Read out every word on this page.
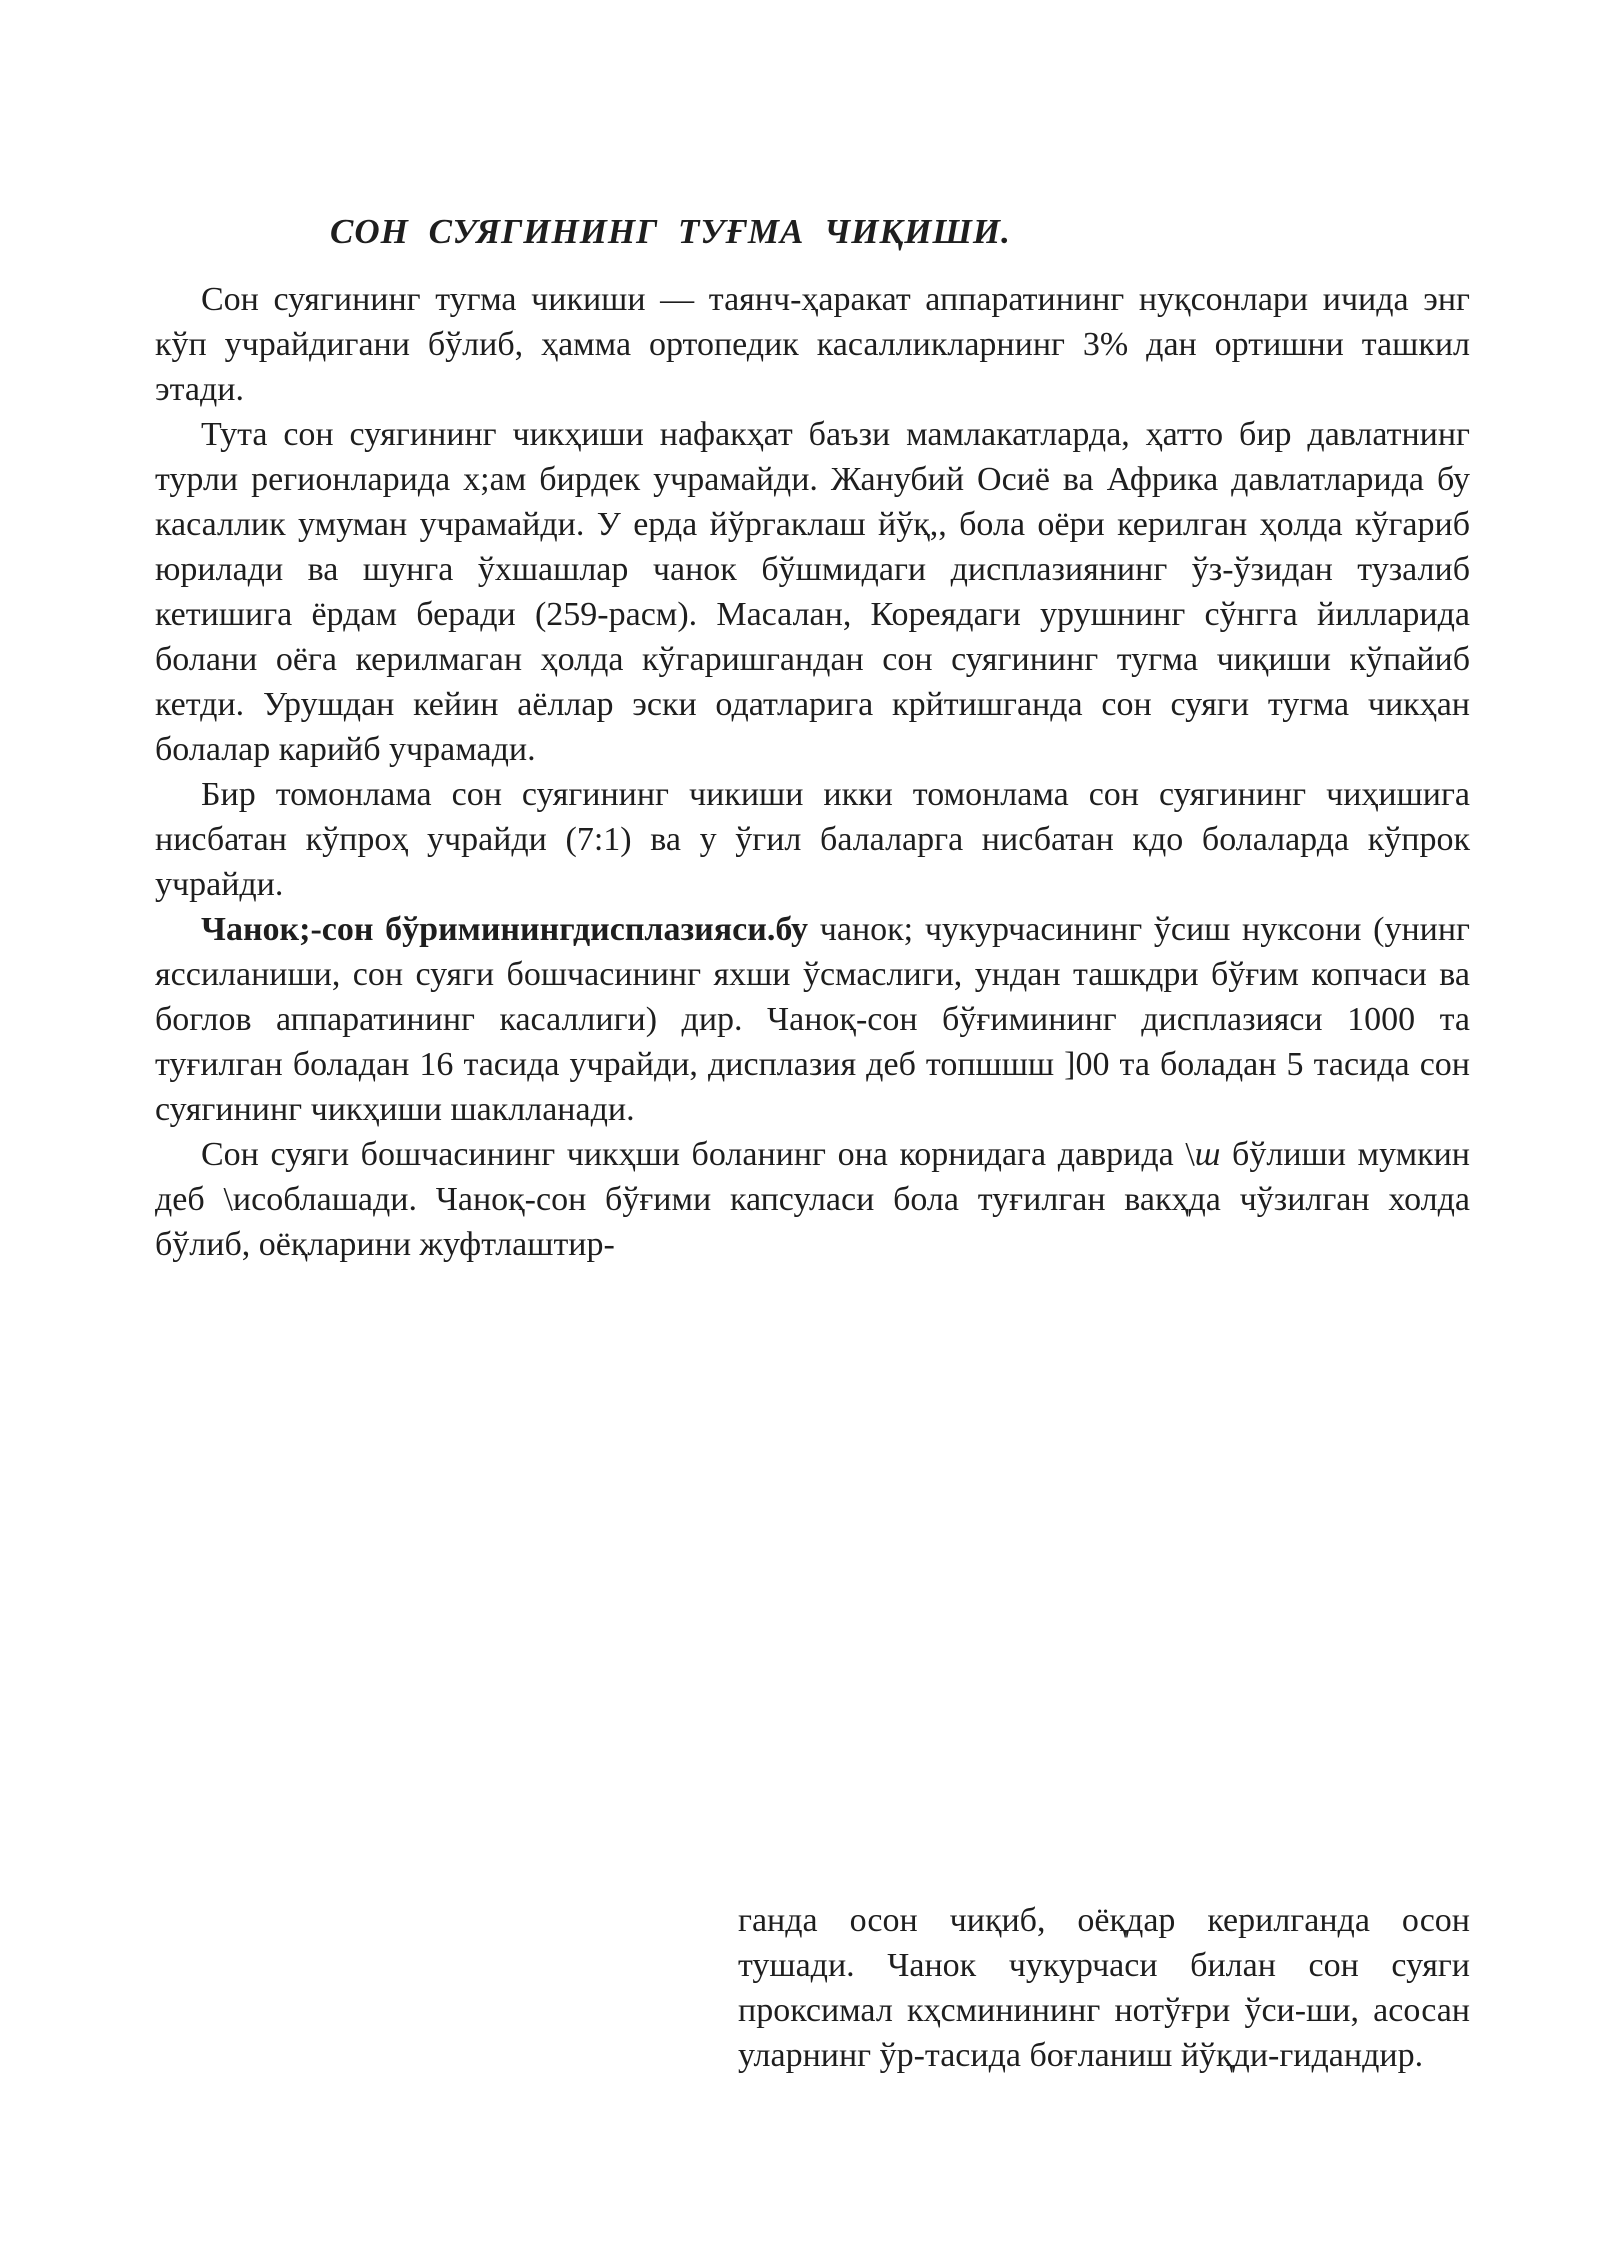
СОН СУЯГИНИНГ ТУҒМА ЧИҚИШИ.

Сон суягининг тугма чикиши — таянч-ҳаракат аппаратининг нуқсонлари ичида энг кўп учрайдигани бўлиб, ҳамма ортопедик касалликларнинг 3% дан ортишни ташкил этади.

Тута сон суягининг чикҳиши нафакҳат баъзи мамлакатларда, ҳатто бир давлатнинг турли регионларида х;ам бирдек учрамайди. Жанубий Осиё ва Африка давлатларида бу касаллик умуман учрамайди. У ерда йўргаклаш йўқ,, бола оёри керилган ҳолда кўгариб юрилади ва шунга ўхшашлар чанок бўшмидаги дисплазиянинг ўз-ўзидан тузалиб кетишига ёрдам беради (259-расм). Масалан, Кореядаги урушнинг сўнгга йилларида болани оёга керилмаган ҳолда кўгаришгандан сон суягининг тугма чиқиши кўпайиб кетди. Урушдан кейин аёллар эски одатларига крйтишганда сон суяги тугма чикҳан болалар карийб учрамади.

Бир томонлама сон суягининг чикиши икки томонлама сон суягининг чиҳишига нисбатан кўпроҳ учрайди (7:1) ва у ўгил балаларга нисбатан кдо болаларда кўпрок учрайди.

Чанок;-сон бўриминингдисплазияси.бу чанок; чукурчасининг ўсиш нуксони (унинг яссиланиши, сон суяги бошчасининг яхши ўсмаслиги, ундан ташкдри бўғим копчаси ва боглов аппаратининг касаллиги) дир. Чаноқ-сон бўғимининг дисплазияси 1000 та туғилган боладан 16 тасида учрайди, дисплазия деб топшшш ]00 та боладан 5 тасида сон суягининг чикҳиши шаклланади.

Сон суяги бошчасининг чикҳши боланинг она корнидага даврида \ш бўлиши мумкин деб \исоблашади. Чаноқ-сон бўғими капсуласи бола туғилган вакҳда чўзилган холда бўлиб, оёқларини жуфтлаштир-

ганда осон чиқиб, оёқдар керилганда осон тушади. Чанок чукурчаси билан сон суяги проксимал кҳсминининг нотўғри ўси-ши, асосан уларнинг ўр-тасида боғланиш йўқди-гидандир.
